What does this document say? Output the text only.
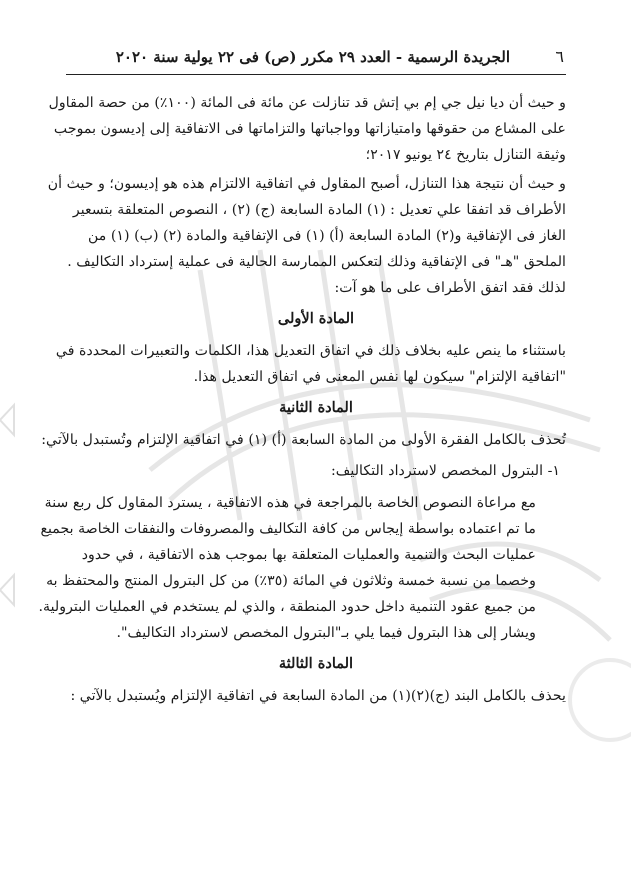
٦
الجريدة الرسمية - العدد ٢٩ مكرر (ص) فى ٢٢ يولية سنة ٢٠٢٠

و حيث أن ديا نيل جي إم بي إتش قد تنازلت عن مائة فى المائة (١٠٠٪) من حصة المقاول
على المشاع من حقوقها وامتيازاتها وواجباتها والتزاماتها فى الاتفاقية إلى إديسون بموجب
وثيقة التنازل بتاريخ ٢٤ يونيو ٢٠١٧؛

و حيث أن نتيجة هذا التنازل، أصبح المقاول في اتفاقية الالتزام هذه هو إديسون؛ و حيث أن
الأطراف قد اتفقا علي تعديل : (١) المادة السابعة (ج) (٢) ، النصوص المتعلقة بتسعير
الغاز فى الإتفاقية و(٢) المادة السابعة (أ) (١) فى الإتفاقية والمادة (٢) (ب) (١) من
الملحق "هـ" فى الإتفاقية وذلك لتعكس الممارسة الحالية فى عملية إسترداد التكاليف .

لذلك فقد اتفق الأطراف على ما هو آت:

المادة الأولى

باستثناء ما ينص عليه بخلاف ذلك في اتفاق التعديل هذا، الكلمات والتعبيرات المحددة في
"اتفاقية الإلتزام" سيكون لها نفس المعنى في اتفاق التعديل هذا.

المادة الثانية

تُحذف بالكامل الفقرة الأولى من المادة السابعة (أ) (١) في اتفاقية الإلتزام وتُستبدل بالآتي:

١- البترول المخصص لاسترداد التكاليف:

مع مراعاة النصوص الخاصة بالمراجعة في هذه الاتفاقية ، يسترد المقاول كل ربع سنة
ما تم اعتماده بواسطة إيجاس من كافة التكاليف والمصروفات والنفقات الخاصة بجميع
عمليات البحث والتنمية والعمليات المتعلقة بها بموجب هذه الاتفاقية ، في حدود
وخصما من نسبة خمسة وثلاثون في المائة (٣٥٪) من كل البترول المنتج والمحتفظ به
من جميع عقود التنمية داخل حدود المنطقة ، والذي لم يستخدم في العمليات البترولية.
ويشار إلى هذا البترول فيما يلي بـ"البترول المخصص لاسترداد التكاليف".

المادة الثالثة

يحذف بالكامل البند (ج)(٢)(١) من المادة السابعة في اتفاقية الإلتزام ويُستبدل بالآتي :
